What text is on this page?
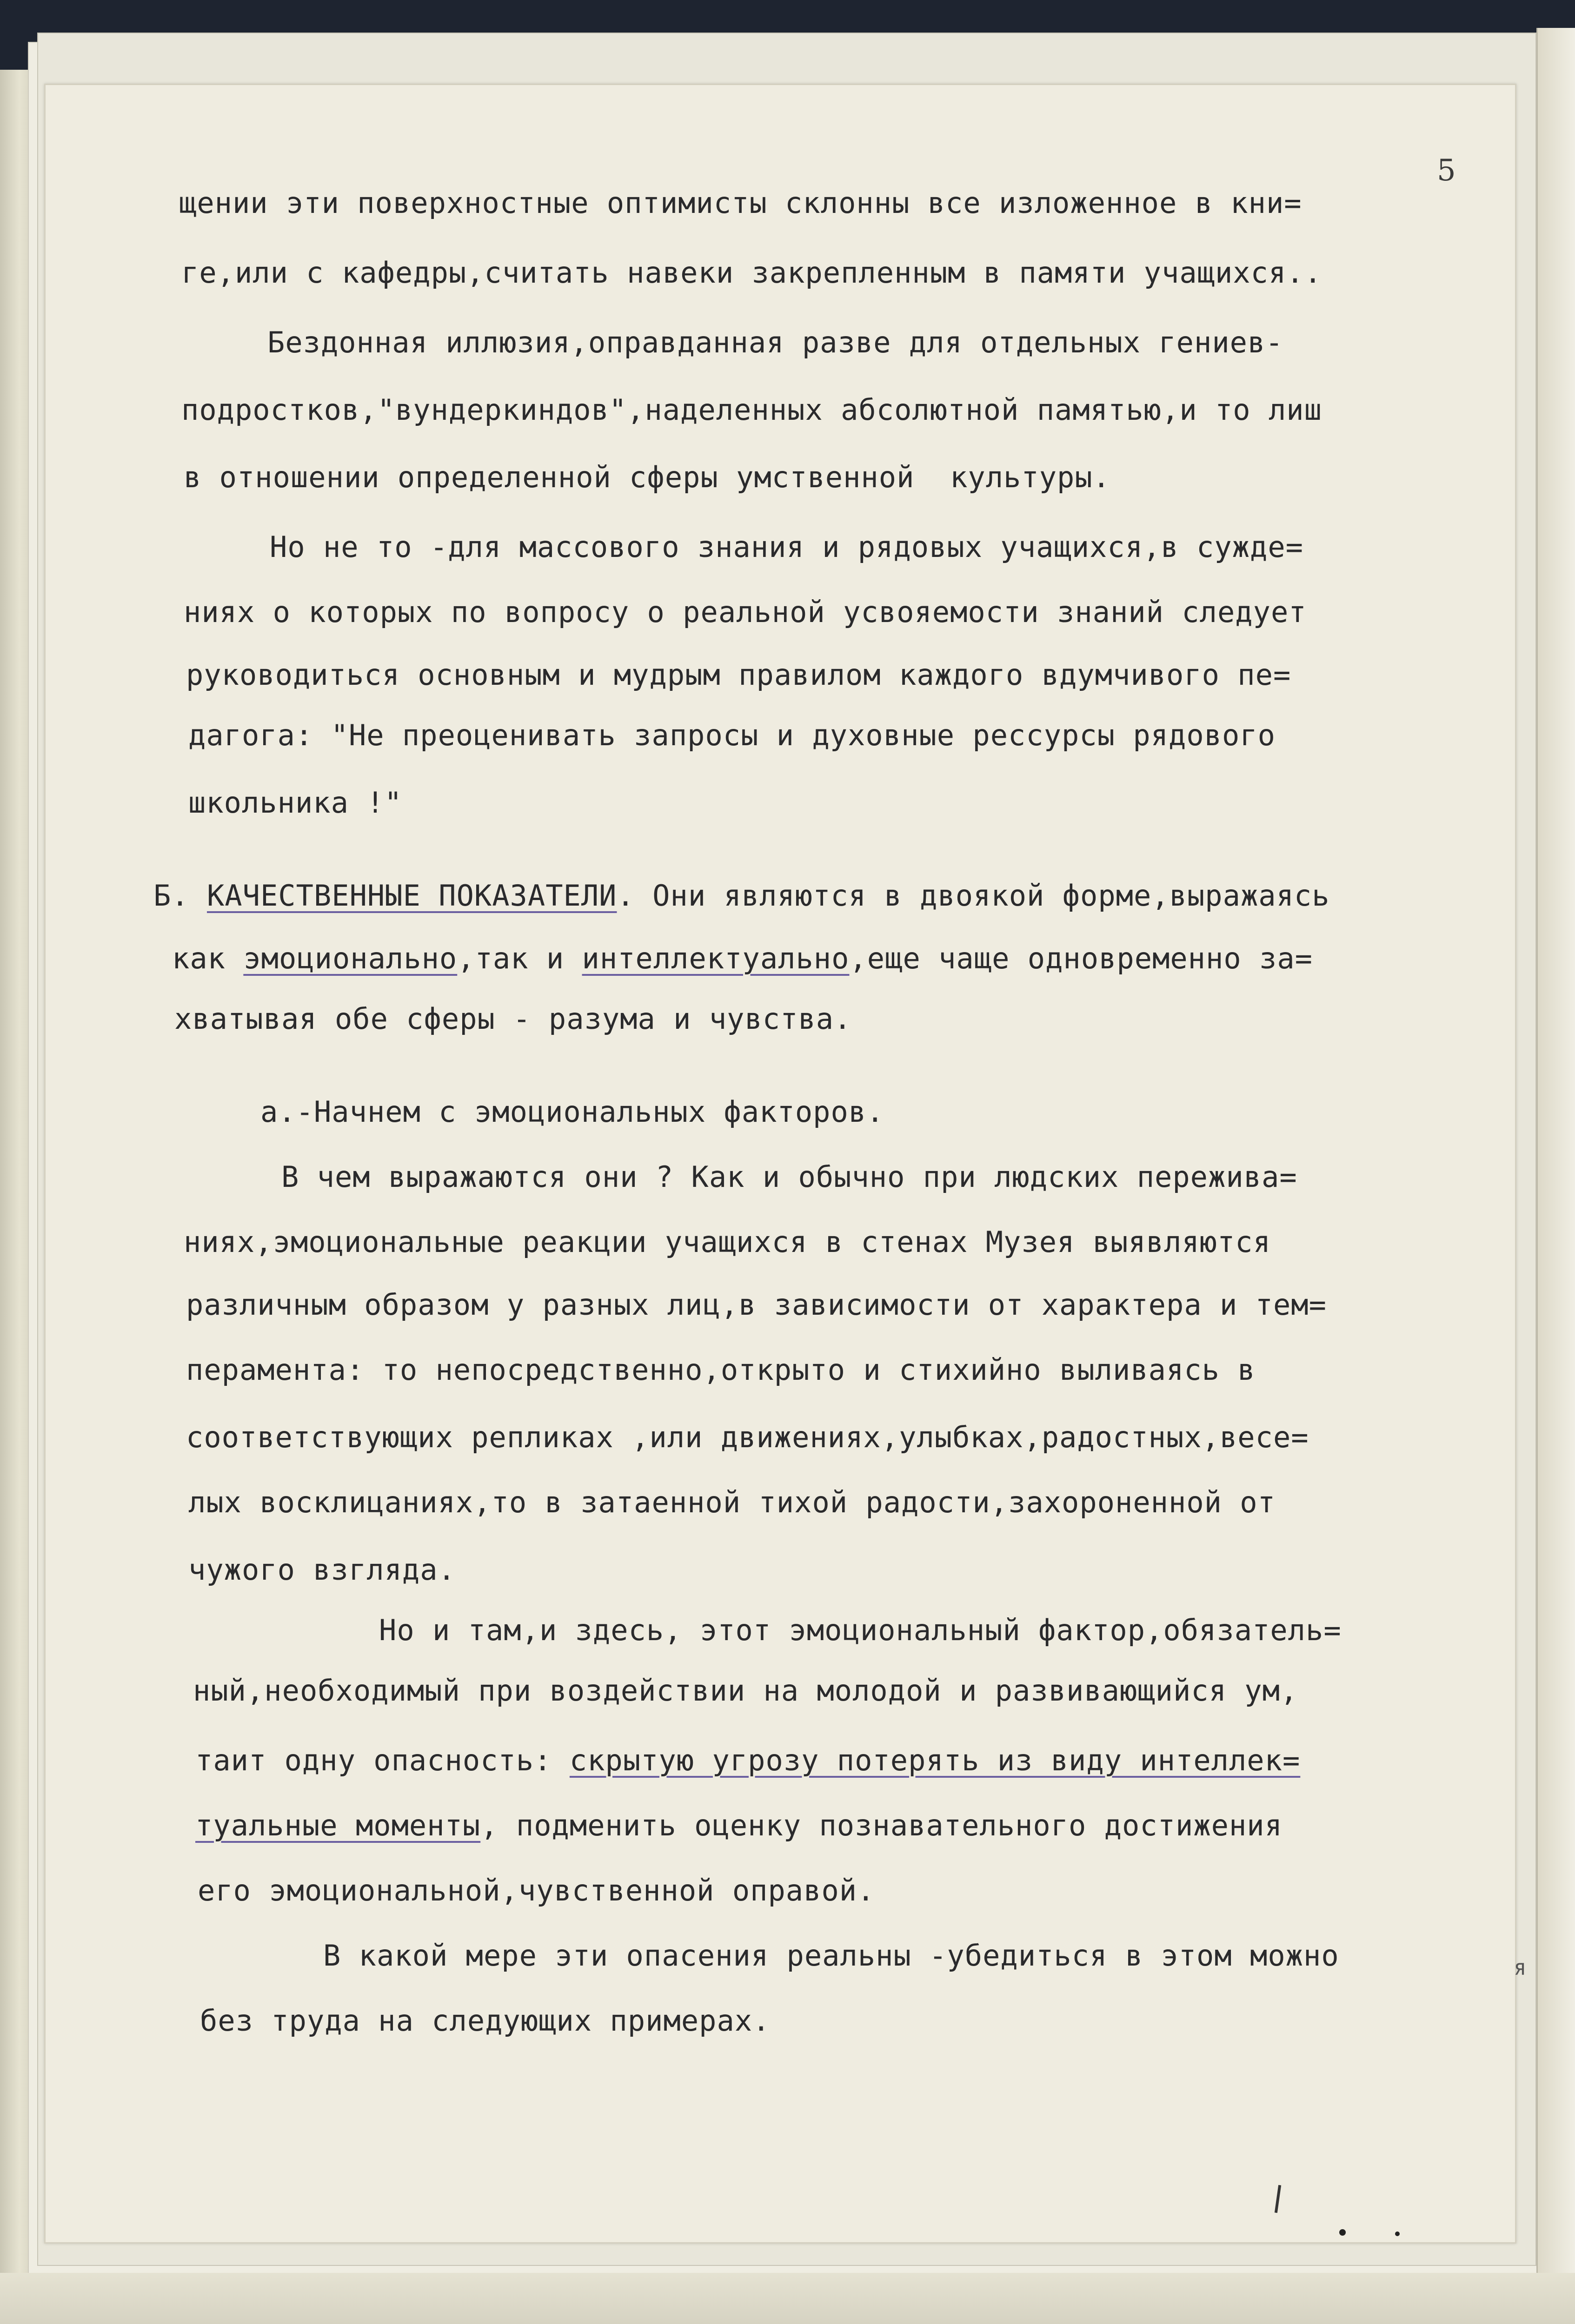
5
щении эти поверхностные оптимисты склонны все изложенное в кни=
ге,или с кафедры,считать навеки закрепленным в памяти учащихся..
Бездонная иллюзия,оправданная разве для отдельных гениев-
подростков,"вундеркиндов",наделенных абсолютной памятью,и то лиш
в отношении определенной сферы умственной  культуры.
Но не то -для массового знания и рядовых учащихся,в сужде=
ниях о которых по вопросу о реальной усвояемости знаний следует
руководиться основным и мудрым правилом каждого вдумчивого пе=
дагога: "Не преоценивать запросы и духовные рессурсы рядового
школьника !"
Б. КАЧЕСТВЕННЫЕ ПОКАЗАТЕЛИ. Они являются в двоякой форме,выражаясь
как эмоционально,так и интеллектуально,еще чаще одновременно за=
хватывая обе сферы - разума и чувства.
а.-Начнем с эмоциональных факторов.
В чем выражаются они ? Как и обычно при людских пережива=
ниях,эмоциональные реакции учащихся в стенах Музея выявляются
различным образом у разных лиц,в зависимости от характера и тем=
перамента: то непосредственно,открыто и стихийно выливаясь в
соответствующих репликах ,или движениях,улыбках,радостных,весе=
лых восклицаниях,то в затаенной тихой радости,захороненной от
чужого взгляда.
Но и там,и здесь, этот эмоциональный фактор,обязатель=
ный,необходимый при воздействии на молодой и развивающийся ум,
таит одну опасность: скрытую угрозу потерять из виду интеллек=
туальные моменты, подменить оценку познавательного достижения
его эмоциональной,чувственной оправой.
В какой мере эти опасения реальны -убедиться в этом можно
без труда на следующих примерах.
я
